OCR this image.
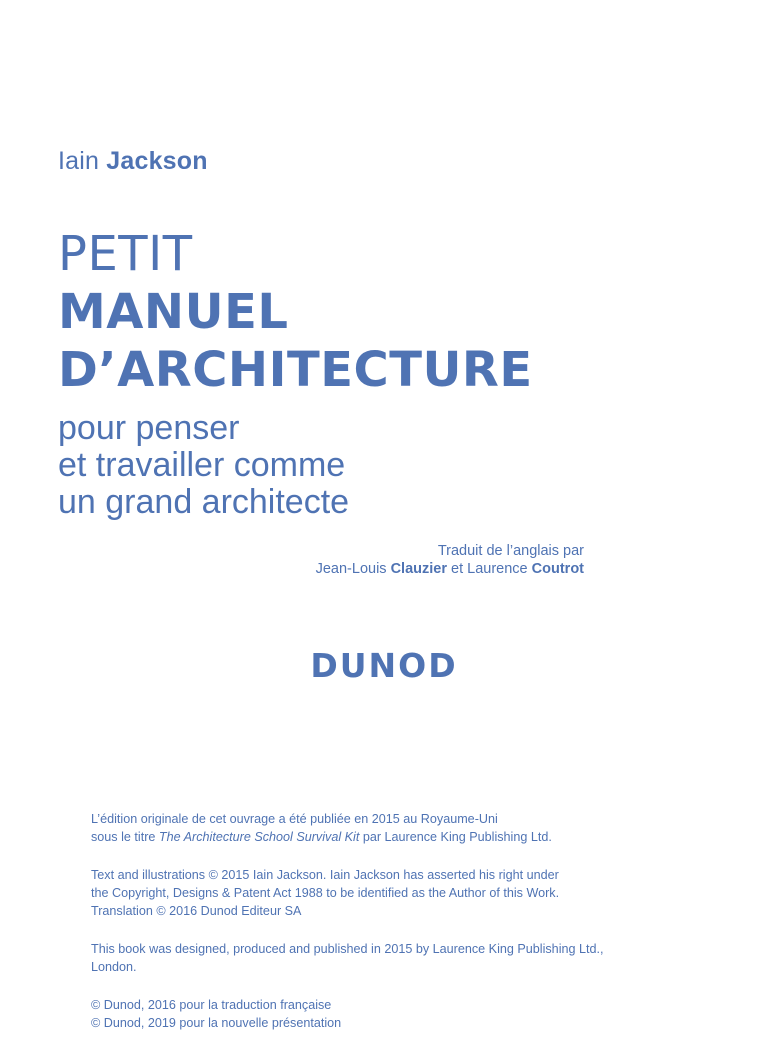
Iain Jackson
PETIT
MANUEL
D’ARCHITECTURE
pour penser
et travailler comme
un grand architecte
Traduit de l’anglais par
Jean-Louis Clauzier et Laurence Coutrot
DUNOD

L’édition originale de cet ouvrage a été publiée en 2015 au Royaume-Uni
sous le titre The Architecture School Survival Kit par Laurence King Publishing Ltd.

Text and illustrations © 2015 Iain Jackson. Iain Jackson has asserted his right under
the Copyright, Designs & Patent Act 1988 to be identified as the Author of this Work.
Translation © 2016 Dunod Editeur SA

This book was designed, produced and published in 2015 by Laurence King Publishing Ltd.,
London.

© Dunod, 2016 pour la traduction française
© Dunod, 2019 pour la nouvelle présentation
